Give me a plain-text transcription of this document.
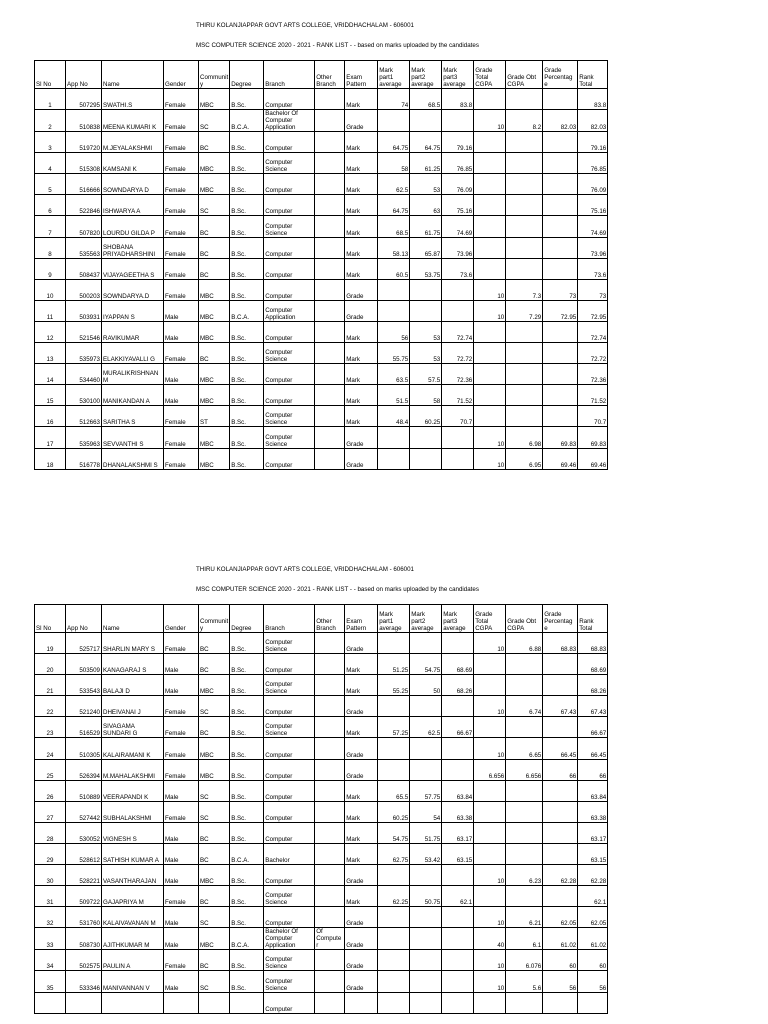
THIRU KOLANJIAPPAR GOVT ARTS COLLEGE, VRIDDHACHALAM - 606001
MSC COMPUTER SCIENCE 2020 - 2021 - RANK LIST - - based on marks uploaded by the candidates
Sl No	App No	Name	Gender	Communit y	Degree	Branch	Other Branch	Exam Pattern	Mark part1 average	Mark part2 average	Mark part3 average	Grade Total CGPA	Grade Obt CGPA	Grade Percentag e	Rank Total
1	507295	SWATHI.S	Female	MBC	B.Sc.	Computer		Mark	74	68.5	83.8				83.8
2	510838	MEENA KUMARI K	Female	SC	B.C.A.	Bachelor Of Computer Application		Grade				10	8.2	82.03	82.03
3	519720	M.JEYALAKSHMI	Female	BC	B.Sc.	Computer		Mark	64.75	64.75	79.16				79.16
4	515308	KAMSANI K	Female	MBC	B.Sc.	Computer Science		Mark	58	61.25	76.85				76.85
5	516666	SOWNDARYA D	Female	MBC	B.Sc.	Computer		Mark	62.5	53	76.09				76.09
6	522846	ISHWARYA A	Female	SC	B.Sc.	Computer		Mark	64.75	63	75.16				75.16
7	507820	LOURDU GILDA P	Female	BC	B.Sc.	Computer Science		Mark	68.5	61.75	74.69				74.69
8	535563	SHOBANA PRIYADHARSHINI	Female	BC	B.Sc.	Computer		Mark	58.13	65.87	73.96				73.96
9	508437	VIJAYAGEETHA S	Female	BC	B.Sc.	Computer		Mark	60.5	53.75	73.6				73.6
10	500203	SOWNDARYA.D	Female	MBC	B.Sc.	Computer		Grade				10	7.3	73	73
11	503931	IYAPPAN S	Male	MBC	B.C.A.	Computer Application		Grade				10	7.29	72.95	72.95
12	521546	RAVIKUMAR	Male	MBC	B.Sc.	Computer		Mark	56	53	72.74				72.74
13	535973	ELAKKIYAVALLI G	Female	BC	B.Sc.	Computer Science		Mark	55.75	53	72.72				72.72
14	534460	MURALIKRISHNAN M	Male	MBC	B.Sc.	Computer		Mark	63.5	57.5	72.36				72.36
15	530100	MANIKANDAN A	Male	MBC	B.Sc.	Computer		Mark	51.5	58	71.52				71.52
16	512663	SARITHA S	Female	ST	B.Sc.	Computer Science		Mark	48.4	60.25	70.7				70.7
17	535963	SEVVANTHI S	Female	MBC	B.Sc.	Computer Science		Grade				10	6.98	69.83	69.83
18	516778	DHANALAKSHMI S	Female	MBC	B.Sc.	Computer		Grade				10	6.95	69.46	69.46
THIRU KOLANJIAPPAR GOVT ARTS COLLEGE, VRIDDHACHALAM - 606001
MSC COMPUTER SCIENCE 2020 - 2021 - RANK LIST - - based on marks uploaded by the candidates
Sl No	App No	Name	Gender	Communit y	Degree	Branch	Other Branch	Exam Pattern	Mark part1 average	Mark part2 average	Mark part3 average	Grade Total CGPA	Grade Obt CGPA	Grade Percentag e	Rank Total
19	525717	SHARLIN MARY S	Female	BC	B.Sc.	Computer Science		Grade				10	6.88	68.83	68.83
20	503509	KANAGARAJ S	Male	BC	B.Sc.	Computer		Mark	51.25	54.75	68.69				68.69
21	533543	BALAJI D	Male	MBC	B.Sc.	Computer Science		Mark	55.25	50	68.26				68.26
22	521240	DHEIVANAI J	Female	SC	B.Sc.	Computer		Grade				10	6.74	67.43	67.43
23	516529	SIVAGAMA SUNDARI G	Female	BC	B.Sc.	Computer Science		Mark	57.25	62.5	66.67				66.67
24	510305	KALAIRAMANI K	Female	MBC	B.Sc.	Computer		Grade				10	6.65	66.45	66.45
25	526394	M.MAHALAKSHMI	Female	MBC	B.Sc.	Computer		Grade				6.656	6.656	66	66
26	510889	VEERAPANDI K	Male	SC	B.Sc.	Computer		Mark	65.5	57.75	63.84				63.84
27	527442	SUBHALAKSHMI	Female	SC	B.Sc.	Computer		Mark	60.25	54	63.38				63.38
28	530052	VIGNESH S	Male	BC	B.Sc.	Computer		Mark	54.75	51.75	63.17				63.17
29	528612	SATHISH KUMAR A	Male	BC	B.C.A.	Bachelor		Mark	62.75	53.42	63.15				63.15
30	528221	VASANTHARAJAN	Male	MBC	B.Sc.	Computer		Grade				10	6.23	62.28	62.28
31	509722	GAJAPRIYA M	Female	BC	B.Sc.	Computer Science		Mark	62.25	50.75	62.1				62.1
32	531760	KALAIVAVANAN M	Male	SC	B.Sc.	Computer		Grade				10	6.21	62.05	62.05
33	508730	AJITHKUMAR M	Male	MBC	B.C.A.	Bachelor Of Computer Application	Of Compute r	Grade				40	6.1	61.02	61.02
34	502575	PAULIN A	Female	BC	B.Sc.	Computer Science		Grade				10	6.076	60	60
35	533346	MANIVANNAN V	Male	SC	B.Sc.	Computer Science		Grade				10	5.6	56	56
						Computer									
